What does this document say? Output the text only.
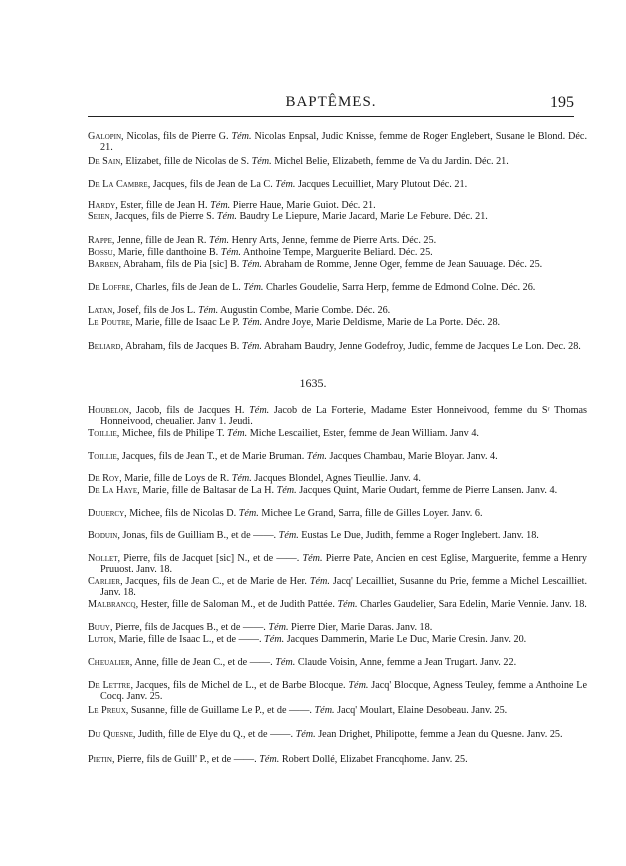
BAPTÊMES.	195
Galopin, Nicolas, fils de Pierre G. Tém. Nicolas Enpsal, Judic Knisse, femme de Roger Englebert, Susane le Blond. Déc. 21.
De Sain, Elizabet, fille de Nicolas de S. Tém. Michel Belie, Elizabeth, femme de Va du Jardin. Déc. 21.
De La Cambre, Jacques, fils de Jean de La C. Tém. Jacques Lecuilliet, Mary Plutout Déc. 21.
Hardy, Ester, fille de Jean H. Tém. Pierre Haue, Marie Guiot. Déc. 21.
Seien, Jacques, fils de Pierre S. Tém. Baudry Le Liepure, Marie Jacard, Marie Le Febure. Déc. 21.
Rappe, Jenne, fille de Jean R. Tém. Henry Arts, Jenne, femme de Pierre Arts. Déc. 25.
Bossu, Marie, fille danthoine B. Tém. Anthoine Tempe, Marguerite Beliard. Déc. 25.
Barben, Abraham, fils de Pia [sic] B. Tém. Abraham de Romme, Jenne Oger, femme de Jean Sauuage. Déc. 25.
De Loffre, Charles, fils de Jean de L. Tém. Charles Goudelie, Sarra Herp, femme de Edmond Colne. Déc. 26.
Latan, Josef, fils de Jos L. Tém. Augustin Combe, Marie Combe. Déc. 26.
Le Poutre, Marie, fille de Isaac Le P. Tém. Andre Joye, Marie Deldisme, Marie de La Porte. Déc. 28.
Beliard, Abraham, fils de Jacques B. Tém. Abraham Baudry, Jenne Godefroy, Judic, femme de Jacques Le Lon. Dec. 28.
Houbelon, Jacob, fils de Jacques H. Tém. Jacob de La Forterie, Madame Ester Honneivood, femme du Sʳ Thomas Honneivood, cheualier. Janv 1. Jeudi.
Toillie, Michee, fils de Philipe T. Tém. Miche Lescailiet, Ester, femme de Jean William. Janv 4.
Toillie, Jacques, fils de Jean T., et de Marie Bruman. Tém. Jacques Chambau, Marie Bloyar. Janv. 4.
De Roy, Marie, fille de Loys de R. Tém. Jacques Blondel, Agnes Tieullie. Janv. 4.
De La Haye, Marie, fille de Baltasar de La H. Tém. Jacques Quint, Marie Oudart, femme de Pierre Lansen. Janv. 4.
Duuercy, Michee, fils de Nicolas D. Tém. Michee Le Grand, Sarra, fille de Gilles Loyer. Janv. 6.
Boduin, Jonas, fils de Guilliam B., et de ——. Tém. Eustas Le Due, Judith, femme a Roger Inglebert. Janv. 18.
Nollet, Pierre, fils de Jacquet [sic] N., et de ——. Tém. Pierre Pate, Ancien en cest Eglise, Marguerite, femme a Henry Pruuost. Janv. 18.
Carlier, Jacques, fils de Jean C., et de Marie de Her. Tém. Jacq' Lecailliet, Susanne du Prie, femme a Michel Lescailliet. Janv. 18.
Malbrancq, Hester, fille de Saloman M., et de Judith Pattée. Tém. Charles Gaudelier, Sara Edelin, Marie Vennie. Janv. 18.
Buuy, Pierre, fils de Jacques B., et de ——. Tém. Pierre Dier, Marie Daras. Janv. 18.
Luton, Marie, fille de Isaac L., et de ——. Tém. Jacques Dammerin, Marie Le Duc, Marie Cresin. Janv. 20.
Cheualier, Anne, fille de Jean C., et de ——. Tém. Claude Voisin, Anne, femme a Jean Trugart. Janv. 22.
De Lettre, Jacques, fils de Michel de L., et de Barbe Blocque. Tém. Jacq' Blocque, Agness Teuley, femme a Anthoine Le Cocq. Janv. 25.
Le Preux, Susanne, fille de Guillame Le P., et de ——. Tém. Jacq' Moulart, Elaine Desobeau. Janv. 25.
Du Quesne, Judith, fille de Elye du Q., et de ——. Tém. Jean Drighet, Philipotte, femme a Jean du Quesne. Janv. 25.
Pietin, Pierre, fils de Guill' P., et de ——. Tém. Robert Dollé, Elizabet Francqhome. Janv. 25.
1635.
